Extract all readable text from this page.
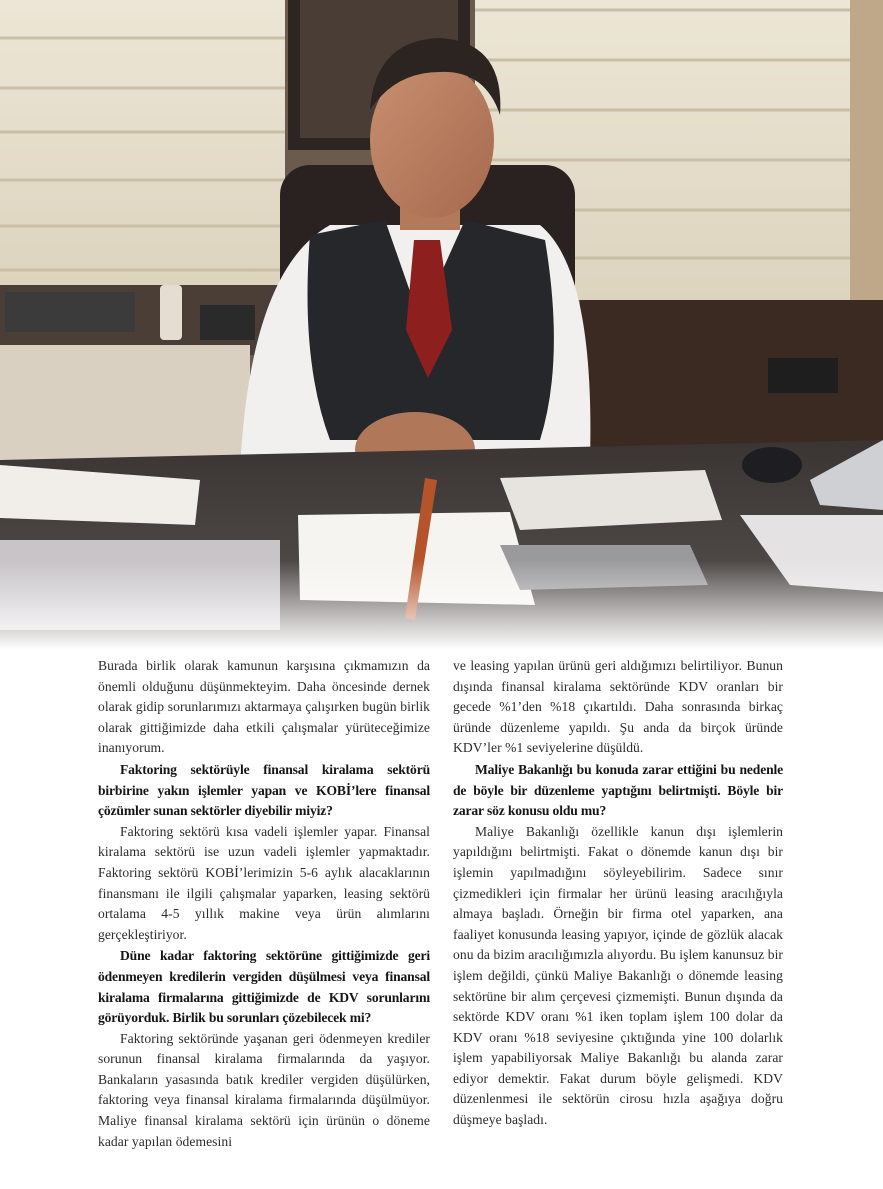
Burada birlik olarak kamunun karşısına çıkmamızın da önemli olduğunu düşünmekteyim. Daha öncesinde dernek olarak gidip sorunlarımızı aktarmaya çalışırken bugün birlik olarak gittiğimizde daha etkili çalışmalar yürüteceğimize inanıyorum.

Faktoring sektörüyle finansal kiralama sektörü birbirine yakın işlemler yapan ve KOBİ’lere finansal çözümler sunan sektörler diyebilir miyiz?

Faktoring sektörü kısa vadeli işlemler yapar. Finansal kiralama sektörü ise uzun vadeli işlemler yapmaktadır. Faktoring sektörü KOBİ’lerimizin 5-6 aylık alacaklarının finansmanı ile ilgili çalışmalar yaparken, leasing sektörü ortalama 4-5 yıllık makine veya ürün alımlarını gerçekleştiriyor.

Düne kadar faktoring sektörüne gittiğimizde geri ödenmeyen kredilerin vergiden düşülmesi veya finansal kiralama firmalarına gittiğimizde de KDV sorunlarını görüyorduk. Birlik bu sorunları çözebilecek mi?

Faktoring sektöründe yaşanan geri ödenmeyen krediler sorunun finansal kiralama firmalarında da yaşıyor. Bankaların yasasında batık krediler vergiden düşülürken, faktoring veya finansal kiralama firmalarında düşülmüyor. Maliye finansal kiralama sektörü için ürünün o döneme kadar yapılan ödemesini

ve leasing yapılan ürünü geri aldığımızı belirtiliyor. Bunun dışında finansal kiralama sektöründe KDV oranları bir gecede %1’den %18 çıkartıldı. Daha sonrasında birkaç üründe düzenleme yapıldı. Şu anda da birçok üründe KDV’ler %1 seviyelerine düşüldü.

Maliye Bakanlığı bu konuda zarar ettiğini bu nedenle de böyle bir düzenleme yaptığını belirtmişti. Böyle bir zarar söz konusu oldu mu?

Maliye Bakanlığı özellikle kanun dışı işlemlerin yapıldığını belirtmişti. Fakat o dönemde kanun dışı bir işlemin yapılmadığını söyleyebilirim. Sadece sınır çizmedikleri için firmalar her ürünü leasing aracılığıyla almaya başladı. Örneğin bir firma otel yaparken, ana faaliyet konusunda leasing yapıyor, içinde de gözlük alacak onu da bizim aracılığımızla alıyordu. Bu işlem kanunsuz bir işlem değildi, çünkü Maliye Bakanlığı o dönemde leasing sektörüne bir alım çerçevesi çizmemişti. Bunun dışında da sektörde KDV oranı %1 iken toplam işlem 100 dolar da KDV oranı %18 seviyesine çıktığında yine 100 dolarlık işlem yapabiliyorsak Maliye Bakanlığı bu alanda zarar ediyor demektir. Fakat durum böyle gelişmedi. KDV düzenlenmesi ile sektörün cirosu hızla aşağıya doğru düşmeye başladı.
